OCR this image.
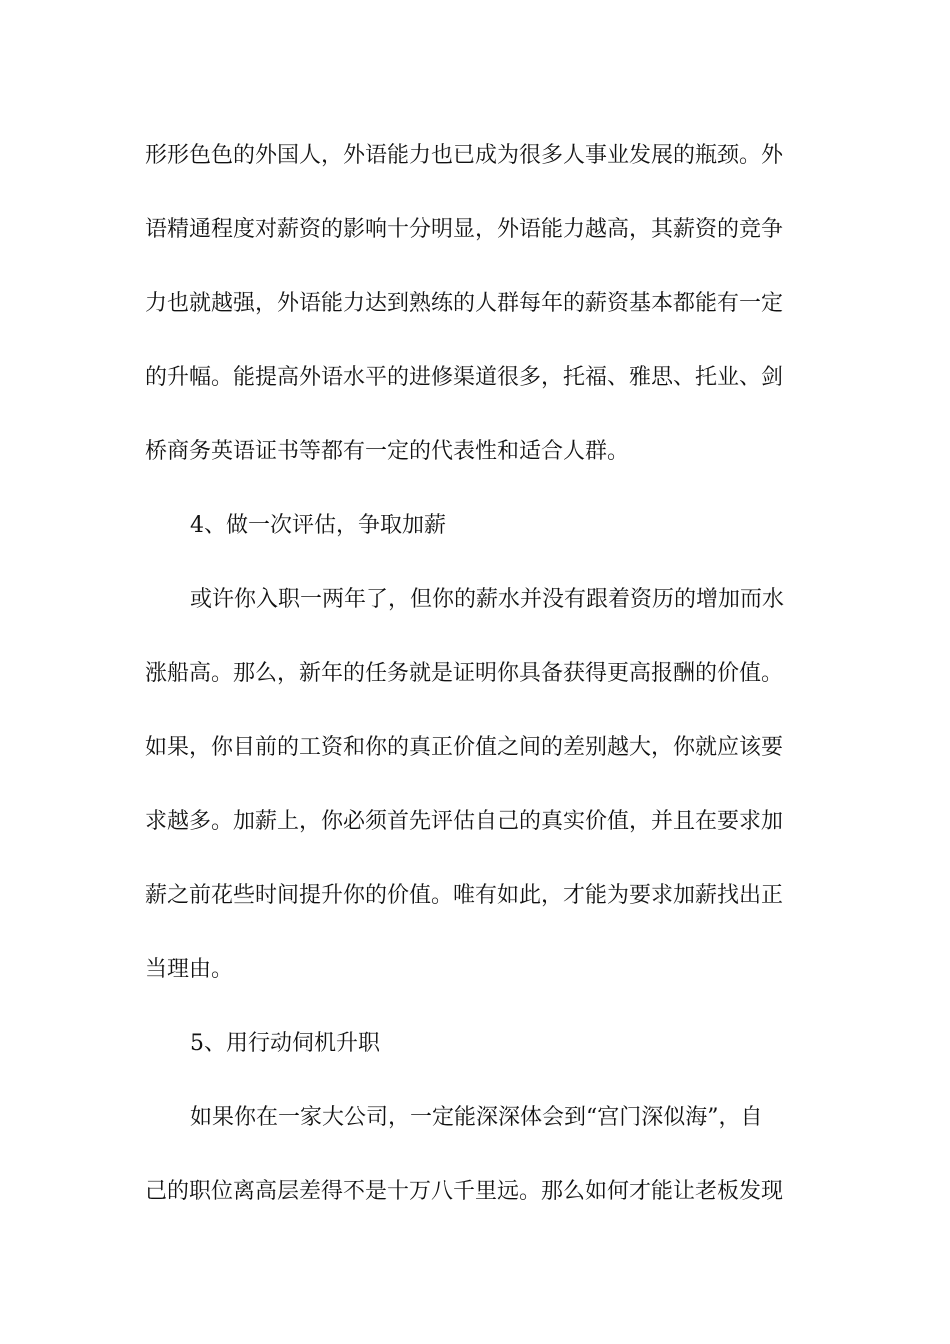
形形色色的外国人，外语能力也已成为很多人事业发展的瓶颈。外
语精通程度对薪资的影响十分明显，外语能力越高，其薪资的竞争
力也就越强，外语能力达到熟练的人群每年的薪资基本都能有一定
的升幅。能提高外语水平的进修渠道很多，托福、雅思、托业、剑
桥商务英语证书等都有一定的代表性和适合人群。
4、做一次评估，争取加薪
或许你入职一两年了，但你的薪水并没有跟着资历的增加而水
涨船高。那么，新年的任务就是证明你具备获得更高报酬的价值。
如果，你目前的工资和你的真正价值之间的差别越大，你就应该要
求越多。加薪上，你必须首先评估自己的真实价值，并且在要求加
薪之前花些时间提升你的价值。唯有如此，才能为要求加薪找出正
当理由。
5、用行动伺机升职
如果你在一家大公司，一定能深深体会到“宫门深似海”，自
己的职位离高层差得不是十万八千里远。那么如何才能让老板发现
